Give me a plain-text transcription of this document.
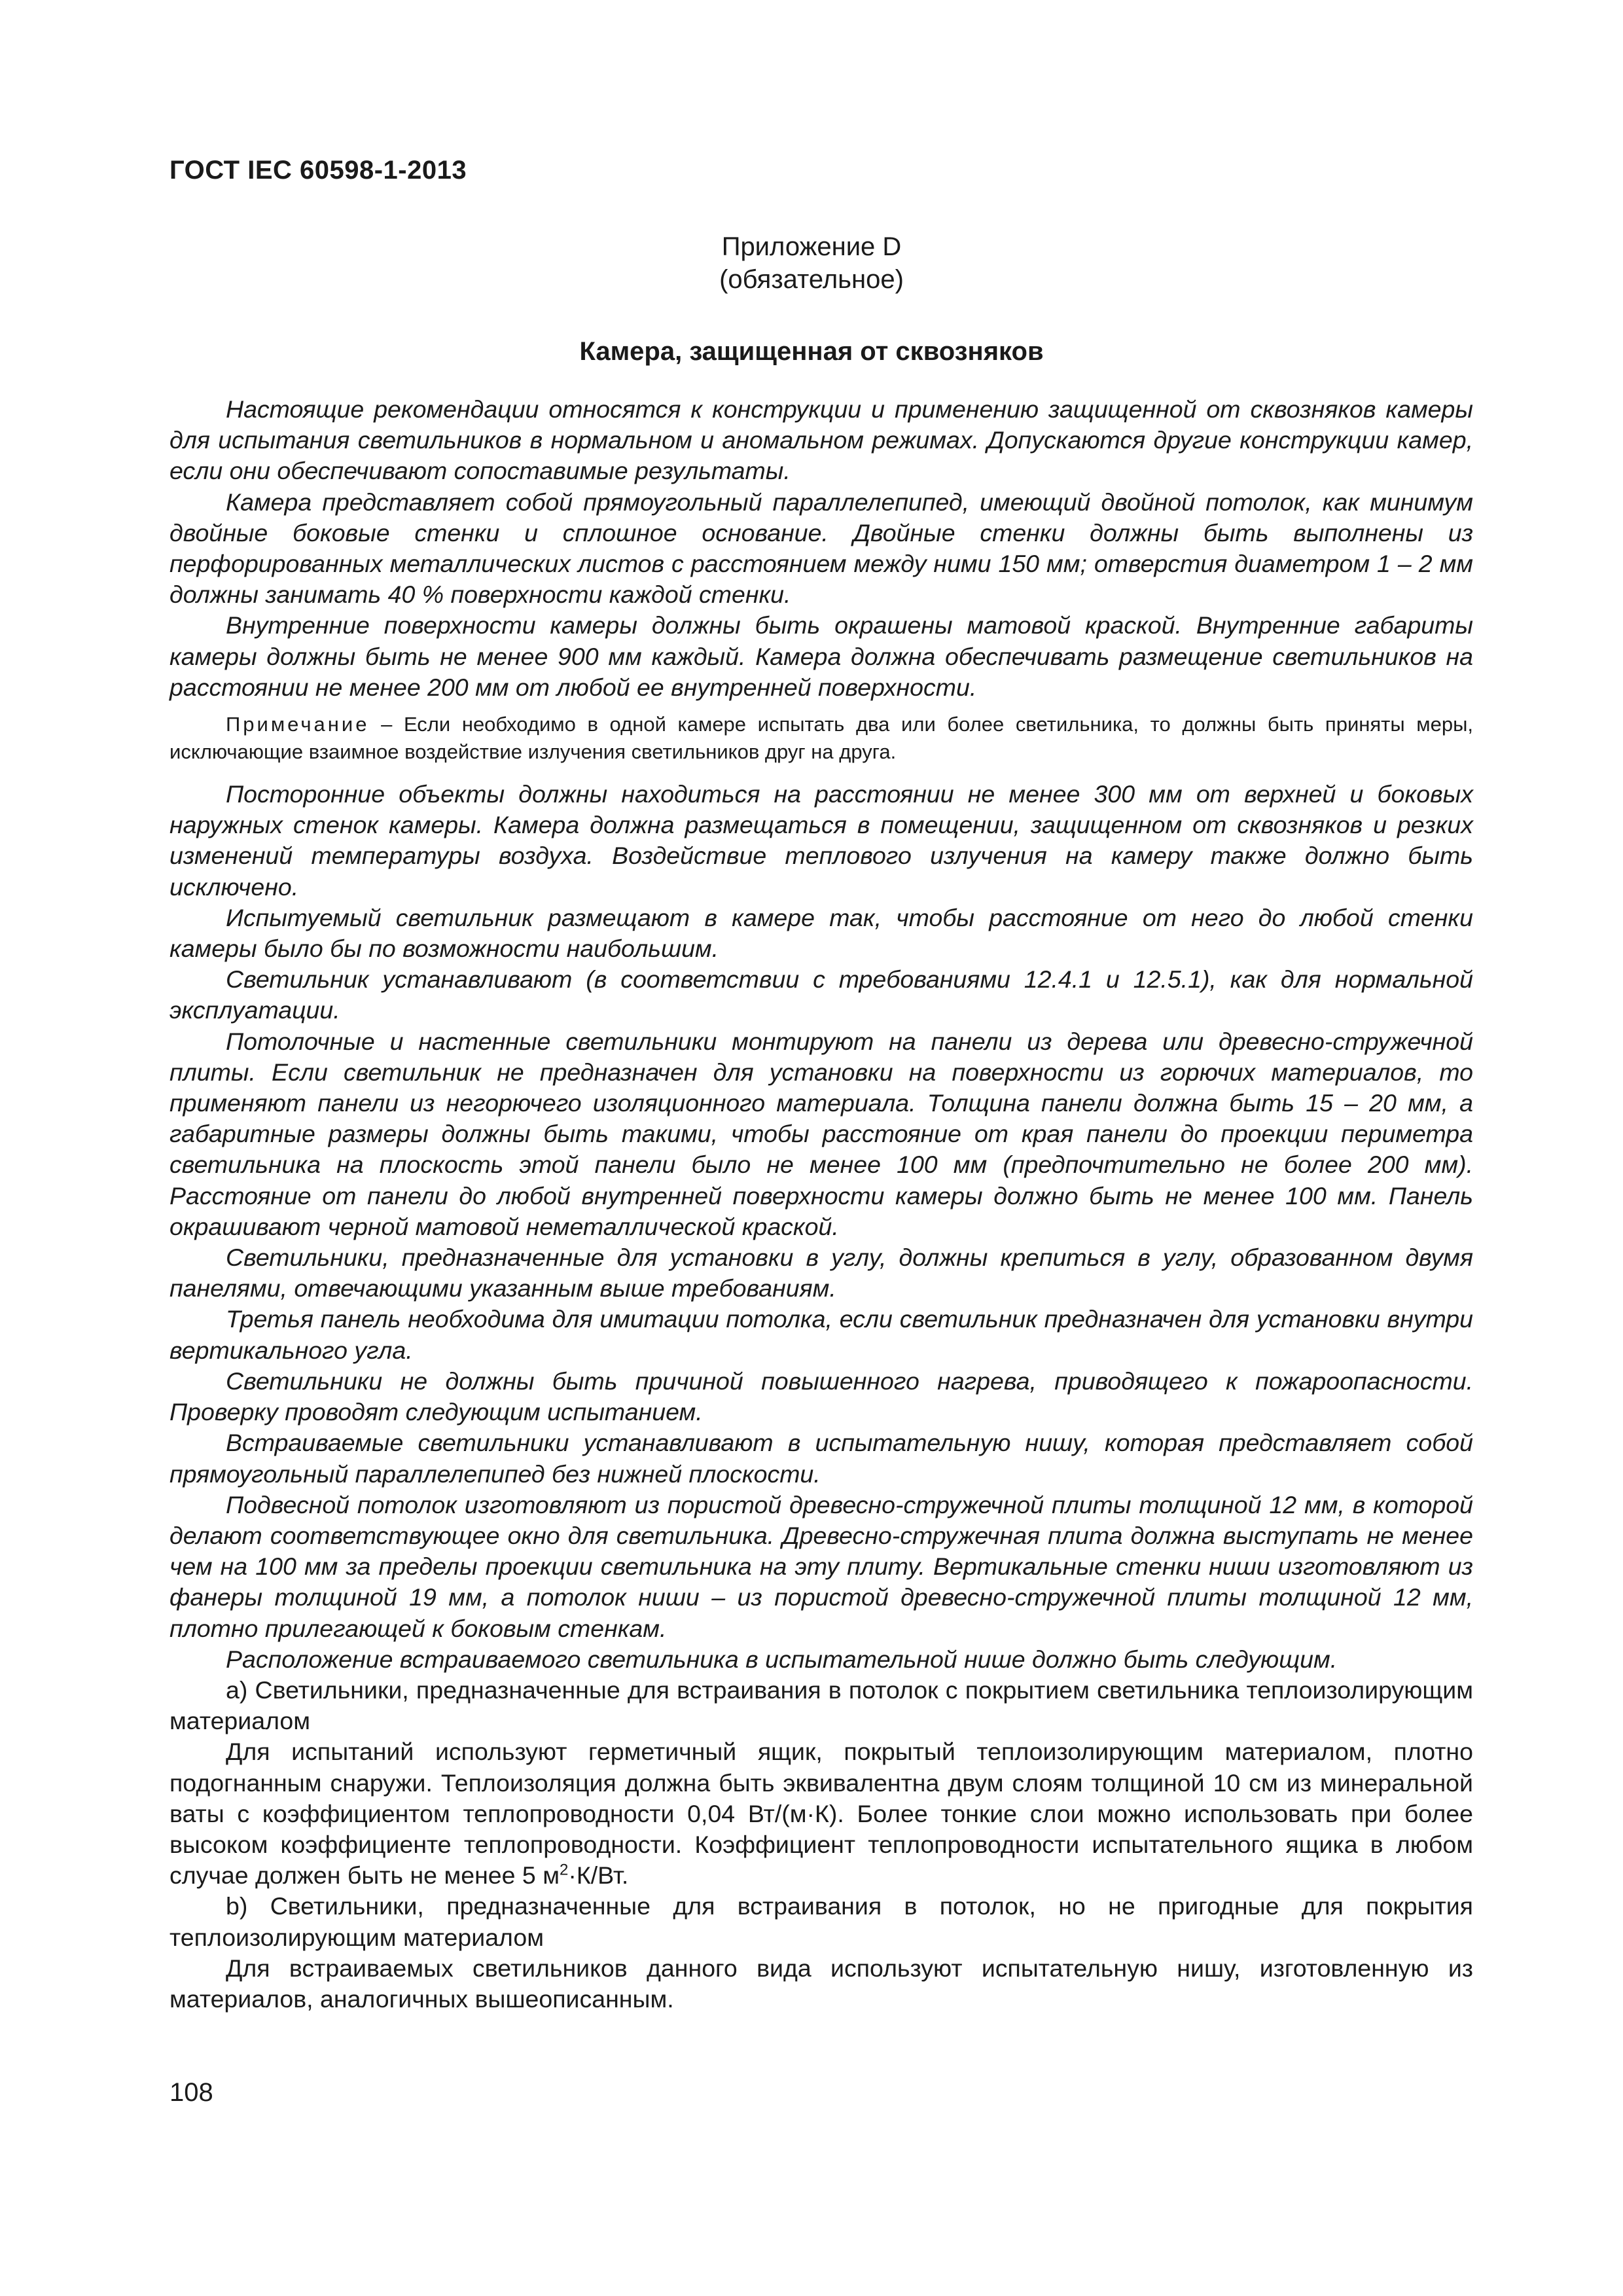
ГОСТ IEC 60598-1-2013
Приложение D
(обязательное)
Камера, защищенная от сквозняков

Настоящие рекомендации относятся к конструкции и применению защищенной от сквозняков камеры для испытания светильников в нормальном и аномальном режимах. Допускаются другие конструкции камер, если они обеспечивают сопоставимые результаты.

Камера представляет собой прямоугольный параллелепипед, имеющий двойной потолок, как минимум двойные боковые стенки и сплошное основание. Двойные стенки должны быть выполнены из перфорированных металлических листов с расстоянием между ними 150 мм; отверстия диаметром 1 – 2 мм должны занимать 40 % поверхности каждой стенки.

Внутренние поверхности камеры должны быть окрашены матовой краской. Внутренние габариты камеры должны быть не менее 900 мм каждый. Камера должна обеспечивать размещение светильников на расстоянии не менее 200 мм от любой ее внутренней поверхности.

Примечание – Если необходимо в одной камере испытать два или более светильника, то должны быть приняты меры, исключающие взаимное воздействие излучения светильников друг на друга.

Посторонние объекты должны находиться на расстоянии не менее 300 мм от верхней и боковых наружных стенок камеры. Камера должна размещаться в помещении, защищенном от сквозняков и резких изменений температуры воздуха. Воздействие теплового излучения на камеру также должно быть исключено.

Испытуемый светильник размещают в камере так, чтобы расстояние от него до любой стенки камеры было бы по возможности наибольшим.

Светильник устанавливают (в соответствии с требованиями 12.4.1 и 12.5.1), как для нормальной эксплуатации.

Потолочные и настенные светильники монтируют на панели из дерева или древесно-стружечной плиты. Если светильник не предназначен для установки на поверхности из горючих материалов, то применяют панели из негорючего изоляционного материала. Толщина панели должна быть 15 – 20 мм, а габаритные размеры должны быть такими, чтобы расстояние от края панели до проекции периметра светильника на плоскость этой панели было не менее 100 мм (предпочтительно не более 200 мм). Расстояние от панели до любой внутренней поверхности камеры должно быть не менее 100 мм. Панель окрашивают черной матовой неметаллической краской.

Светильники, предназначенные для установки в углу, должны крепиться в углу, образованном двумя панелями, отвечающими указанным выше требованиям.

Третья панель необходима для имитации потолка, если светильник предназначен для установки внутри вертикального угла.

Светильники не должны быть причиной повышенного нагрева, приводящего к пожароопасности. Проверку проводят следующим испытанием.

Встраиваемые светильники устанавливают в испытательную нишу, которая представляет собой прямоугольный параллелепипед без нижней плоскости.

Подвесной потолок изготовляют из пористой древесно-стружечной плиты толщиной 12 мм, в которой делают соответствующее окно для светильника. Древесно-стружечная плита должна выступать не менее чем на 100 мм за пределы проекции светильника на эту плиту. Вертикальные стенки ниши изготовляют из фанеры толщиной 19 мм, а потолок ниши – из пористой древесно-стружечной плиты толщиной 12 мм, плотно прилегающей к боковым стенкам.

Расположение встраиваемого светильника в испытательной нише должно быть следующим.

а) Светильники, предназначенные для встраивания в потолок с покрытием светильника теплоизолирующим материалом

Для испытаний используют герметичный ящик, покрытый теплоизолирующим материалом, плотно подогнанным снаружи. Теплоизоляция должна быть эквивалентна двум слоям толщиной 10 см из минеральной ваты с коэффициентом теплопроводности 0,04 Вт/(м·К). Более тонкие слои можно использовать при более высоком коэффициенте теплопроводности. Коэффициент теплопроводности испытательного ящика в любом случае должен быть не менее 5 $м^2\cdot К/Вт$.

b) Светильники, предназначенные для встраивания в потолок, но не пригодные для покрытия теплоизолирующим материалом

Для встраиваемых светильников данного вида используют испытательную нишу, изготовленную из материалов, аналогичных вышеописанным.

108
